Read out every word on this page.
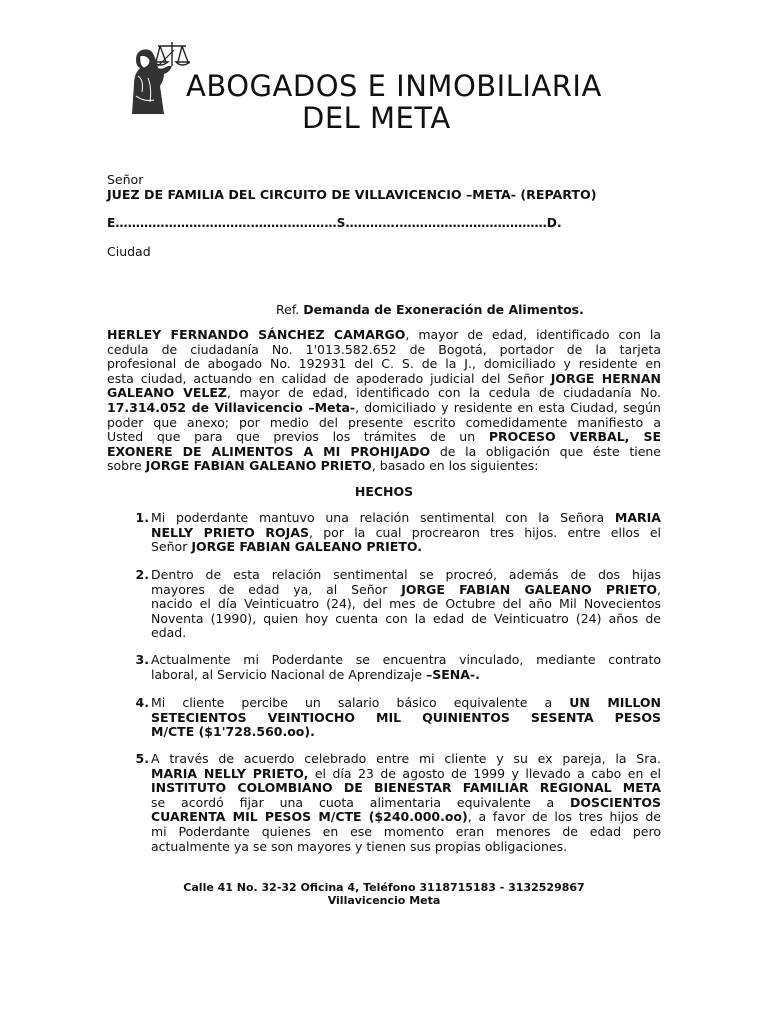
ABOGADOS E INMOBILIARIA
DEL META
Señor
JUEZ DE FAMILIA DEL CIRCUITO DE VILLAVICENCIO –META- (REPARTO)
E………………………………………………S………….………………………………D.
Ciudad
Ref. Demanda de Exoneración de Alimentos.
HERLEY FERNANDO SÁNCHEZ CAMARGO, mayor de edad, identificado con la
cedula de ciudadanía No. 1'013.582.652 de Bogotá, portador de la tarjeta
profesional de abogado No. 192931 del C. S. de la J., domiciliado y residente en
esta ciudad, actuando en calidad de apoderado judicial del Señor JORGE HERNAN
GALEANO VELEZ, mayor de edad, identificado con la cedula de ciudadanía No.
17.314.052 de Villavicencio –Meta-, domiciliado y residente en esta Ciudad, según
poder que anexo; por medio del presente escrito comedidamente manifiesto a
Usted que para que previos los trámites de un PROCESO VERBAL, SE
EXONERE DE ALIMENTOS A MI PROHIJADO de la obligación que éste tiene
sobre JORGE FABIAN GALEANO PRIETO, basado en los siguientes:
HECHOS
1. Mi poderdante mantuvo una relación sentimental con la Señora MARIA
NELLY PRIETO ROJAS, por la cual procrearon tres hijos. entre ellos el
Señor JORGE FABIAN GALEANO PRIETO.
2. Dentro de esta relación sentimental se procreó, además de dos hijas
mayores de edad ya, al Señor JORGE FABIAN GALEANO PRIETO,
nacido el día Veinticuatro (24), del mes de Octubre del año Mil Novecientos
Noventa (1990), quien hoy cuenta con la edad de Veinticuatro (24) años de
edad.
3. Actualmente mi Poderdante se encuentra vinculado, mediante contrato
laboral, al Servicio Nacional de Aprendizaje –SENA-.
4. Mi cliente percibe un salario básico equivalente a UN MILLON
SETECIENTOS VEINTIOCHO MIL QUINIENTOS SESENTA PESOS
M/CTE ($1'728.560.oo).
5. A través de acuerdo celebrado entre mi cliente y su ex pareja, la Sra.
MARIA NELLY PRIETO, el día 23 de agosto de 1999 y llevado a cabo en el
INSTITUTO COLOMBIANO DE BIENESTAR FAMILIAR REGIONAL META
se acordó fijar una cuota alimentaria equivalente a DOSCIENTOS
CUARENTA MIL PESOS M/CTE ($240.000.oo), a favor de los tres hijos de
mi Poderdante quienes en ese momento eran menores de edad pero
actualmente ya se son mayores y tienen sus propias obligaciones.
Calle 41 No. 32-32 Oficina 4, Teléfono 3118715183 - 3132529867
Villavicencio Meta
